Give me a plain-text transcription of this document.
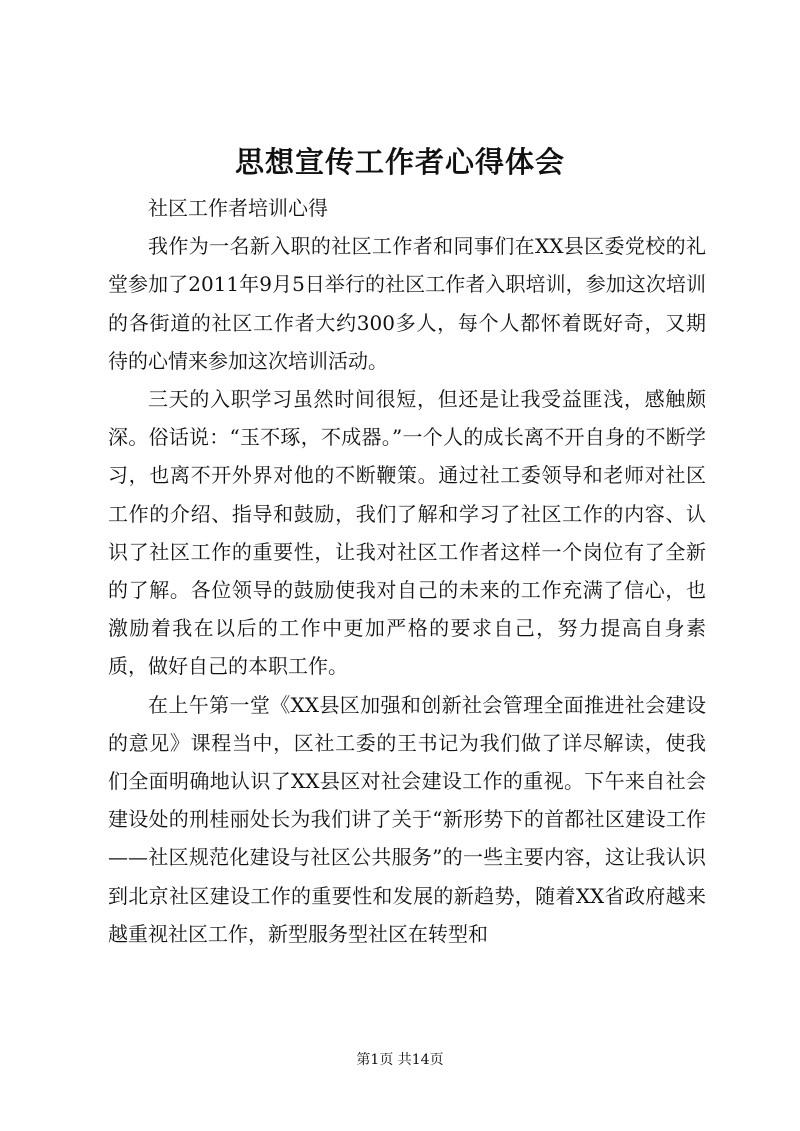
思想宣传工作者心得体会

社区工作者培训心得

我作为一名新入职的社区工作者和同事们在XX县区委党校的礼堂参加了2011年9月5日举行的社区工作者入职培训，参加这次培训的各街道的社区工作者大约300多人，每个人都怀着既好奇，又期待的心情来参加这次培训活动。

三天的入职学习虽然时间很短，但还是让我受益匪浅，感触颇深。俗话说：“玉不琢，不成器。”一个人的成长离不开自身的不断学习，也离不开外界对他的不断鞭策。通过社工委领导和老师对社区工作的介绍、指导和鼓励，我们了解和学习了社区工作的内容、认识了社区工作的重要性，让我对社区工作者这样一个岗位有了全新的了解。各位领导的鼓励使我对自己的未来的工作充满了信心，也激励着我在以后的工作中更加严格的要求自己，努力提高自身素质，做好自己的本职工作。

在上午第一堂《XX县区加强和创新社会管理全面推进社会建设的意见》课程当中，区社工委的王书记为我们做了详尽解读，使我们全面明确地认识了XX县区对社会建设工作的重视。下午来自社会建设处的刑桂丽处长为我们讲了关于“新形势下的首都社区建设工作——社区规范化建设与社区公共服务”的一些主要内容，这让我认识到北京社区建设工作的重要性和发展的新趋势，随着XX省政府越来越重视社区工作，新型服务型社区在转型和

第1页 共14页
